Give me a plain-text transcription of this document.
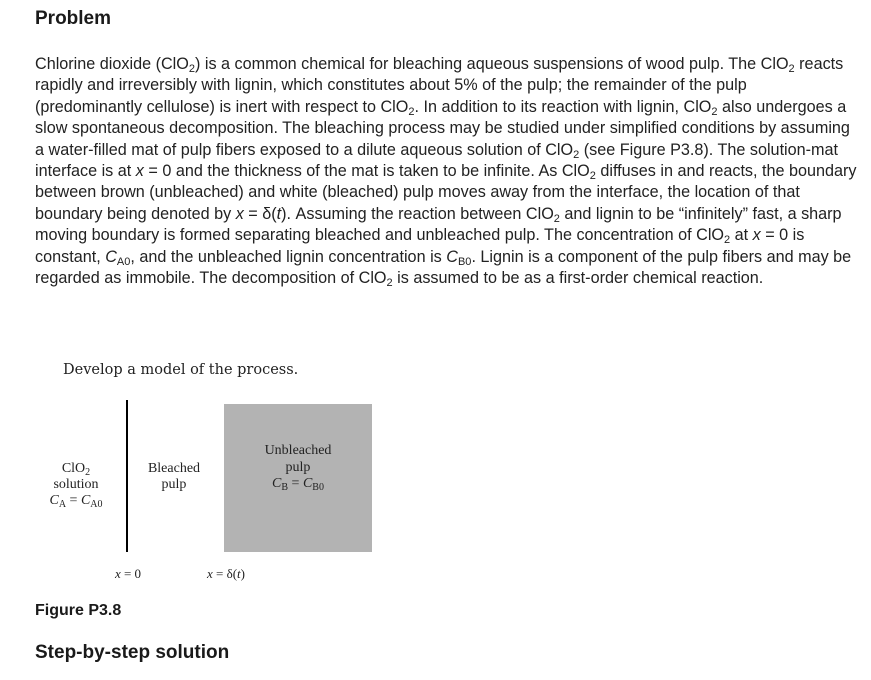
Problem

Chlorine dioxide (ClO$_2$) is a common chemical for bleaching aqueous suspensions of wood pulp. The ClO$_2$ reacts rapidly and irreversibly with lignin, which constitutes about 5% of the pulp; the remainder of the pulp (predominantly cellulose) is inert with respect to ClO$_2$. In addition to its reaction with lignin, ClO$_2$ also undergoes a slow spontaneous decomposition. The bleaching process may be studied under simplified conditions by assuming a water-filled mat of pulp fibers exposed to a dilute aqueous solution of ClO$_2$ (see Figure P3.8). The solution-mat interface is at x = 0 and the thickness of the mat is taken to be infinite. As ClO$_2$ diffuses in and reacts, the boundary between brown (unbleached) and white (bleached) pulp moves away from the interface, the location of that boundary being denoted by x = δ(t). Assuming the reaction between ClO$_2$ and lignin to be “infinitely” fast, a sharp moving boundary is formed separating bleached and unbleached pulp. The concentration of ClO$_2$ at x = 0 is constant, $C_{A0}$, and the unbleached lignin concentration is $C_{B0}$. Lignin is a component of the pulp fibers and may be regarded as immobile. The decomposition of ClO$_2$ is assumed to be as a first-order chemical reaction.

Develop a model of the process.

ClO$_2$
solution
$C_A = C_{A0}$
Bleached
pulp
Unbleached
pulp
$C_B = C_{B0}$
x = 0	x = δ(t)

Figure P3.8

Step-by-step solution
